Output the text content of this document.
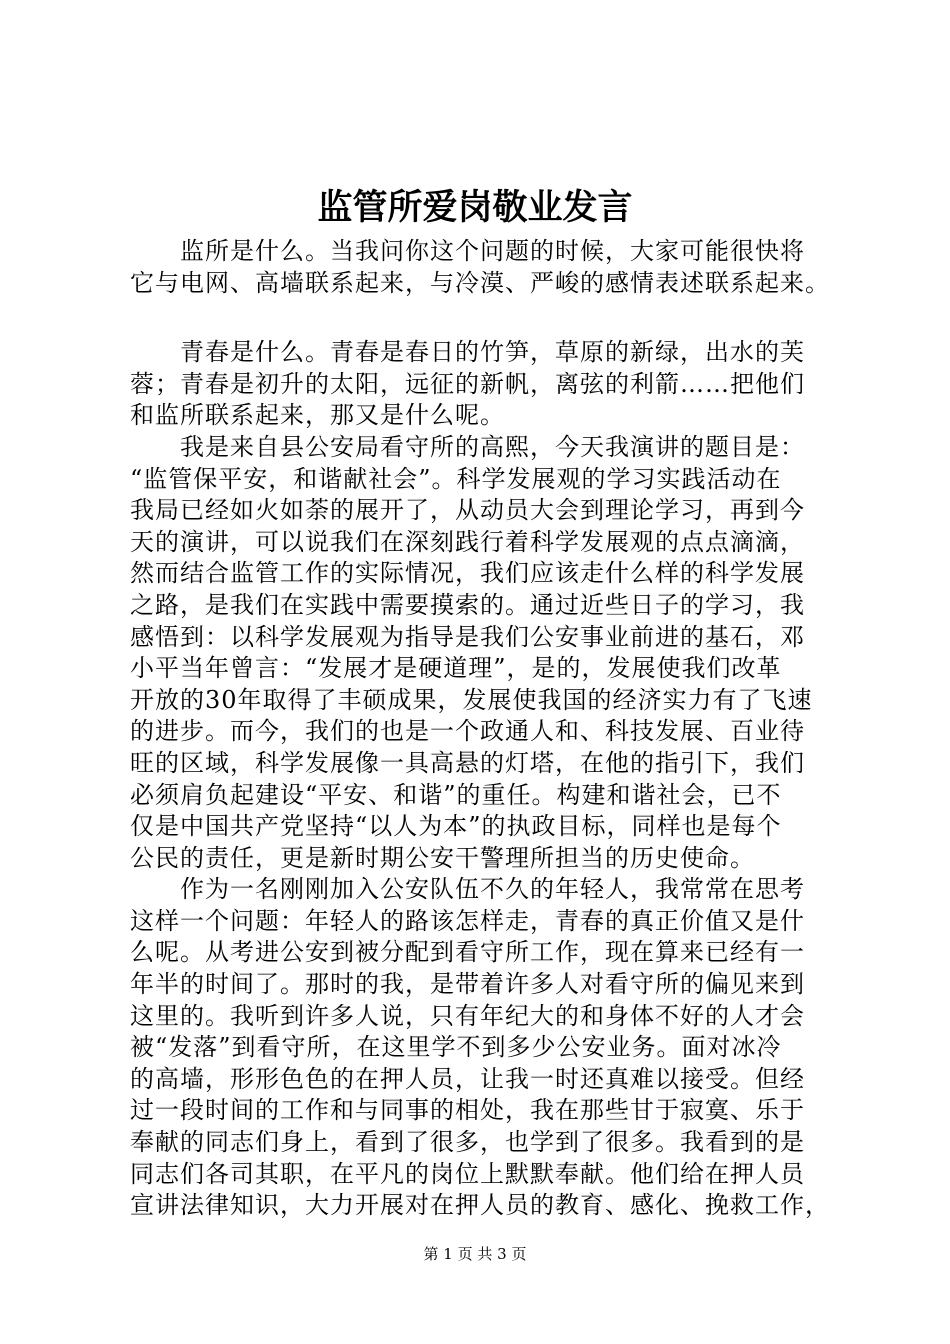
监管所爱岗敬业发言
　　监所是什么。当我问你这个问题的时候，大家可能很快将
它与电网、高墙联系起来，与冷漠、严峻的感情表述联系起来。
　　青春是什么。青春是春日的竹笋，草原的新绿，出水的芙
蓉；青春是初升的太阳，远征的新帆，离弦的利箭……把他们
和监所联系起来，那又是什么呢。
　　我是来自县公安局看守所的高熙，今天我演讲的题目是：
“监管保平安，和谐献社会”。科学发展观的学习实践活动在
我局已经如火如荼的展开了，从动员大会到理论学习，再到今
天的演讲，可以说我们在深刻践行着科学发展观的点点滴滴，
然而结合监管工作的实际情况，我们应该走什么样的科学发展
之路，是我们在实践中需要摸索的。通过近些日子的学习，我
感悟到：以科学发展观为指导是我们公安事业前进的基石，邓
小平当年曾言：“发展才是硬道理”，是的，发展使我们改革
开放的30年取得了丰硕成果，发展使我国的经济实力有了飞速
的进步。而今，我们的也是一个政通人和、科技发展、百业待
旺的区域，科学发展像一具高悬的灯塔，在他的指引下，我们
必须肩负起建设“平安、和谐”的重任。构建和谐社会，已不
仅是中国共产党坚持“以人为本”的执政目标，同样也是每个
公民的责任，更是新时期公安干警理所担当的历史使命。
　　作为一名刚刚加入公安队伍不久的年轻人，我常常在思考
这样一个问题：年轻人的路该怎样走，青春的真正价值又是什
么呢。从考进公安到被分配到看守所工作，现在算来已经有一
年半的时间了。那时的我，是带着许多人对看守所的偏见来到
这里的。我听到许多人说，只有年纪大的和身体不好的人才会
被“发落”到看守所，在这里学不到多少公安业务。面对冰冷
的高墙，形形色色的在押人员，让我一时还真难以接受。但经
过一段时间的工作和与同事的相处，我在那些甘于寂寞、乐于
奉献的同志们身上，看到了很多，也学到了很多。我看到的是
同志们各司其职，在平凡的岗位上默默奉献。他们给在押人员
宣讲法律知识，大力开展对在押人员的教育、感化、挽救工作，
第 1 页 共 3 页
